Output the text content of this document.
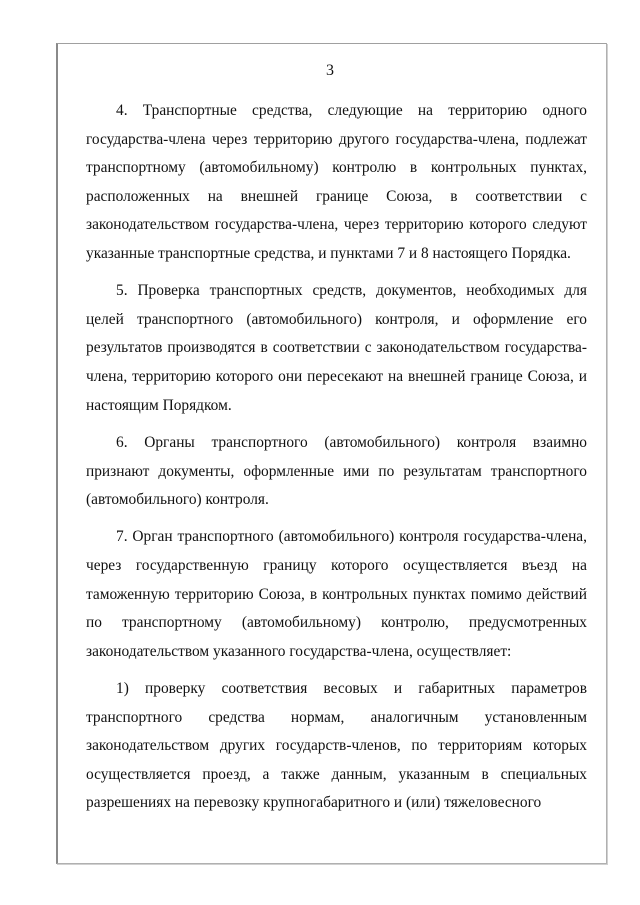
3

4. Транспортные средства, следующие на территорию одного государства-члена через территорию другого государства-члена, подлежат транспортному (автомобильному) контролю в контрольных пунктах, расположенных на внешней границе Союза, в соответствии с законодательством государства-члена, через территорию которого следуют указанные транспортные средства, и пунктами 7 и 8 настоящего Порядка.

5. Проверка транспортных средств, документов, необходимых для целей транспортного (автомобильного) контроля, и оформление его результатов производятся в соответствии с законодательством государства-члена, территорию которого они пересекают на внешней границе Союза, и настоящим Порядком.

6. Органы транспортного (автомобильного) контроля взаимно признают документы, оформленные ими по результатам транспортного (автомобильного) контроля.

7. Орган транспортного (автомобильного) контроля государства-члена, через государственную границу которого осуществляется въезд на таможенную территорию Союза, в контрольных пунктах помимо действий по транспортному (автомобильному) контролю, предусмотренных законодательством указанного государства-члена, осуществляет:

1) проверку соответствия весовых и габаритных параметров транспортного средства нормам, аналогичным установленным законодательством других государств-членов, по территориям которых осуществляется проезд, а также данным, указанным в специальных разрешениях на перевозку крупногабаритного и (или) тяжеловесного
